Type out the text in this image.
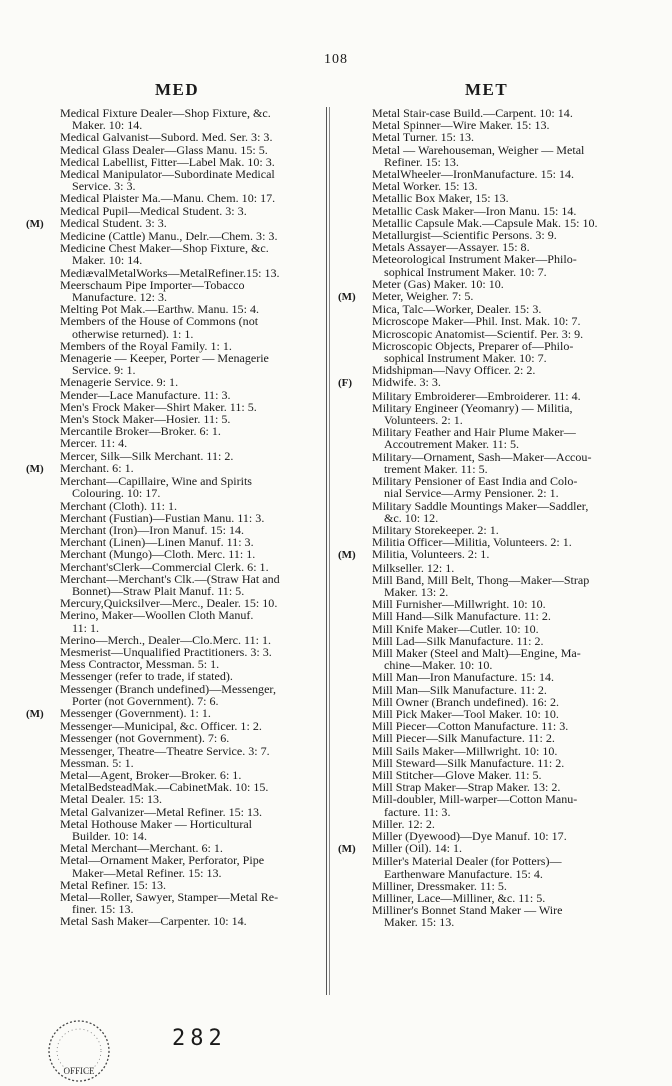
108
MED	MET
Medical Fixture Dealer—Shop Fixture, &c.
Maker. 10: 14.
Medical Galvanist—Subord. Med. Ser. 3: 3.
Medical Glass Dealer—Glass Manu. 15: 5.
Medical Labellist, Fitter—Label Mak. 10: 3.
Medical Manipulator—Subordinate Medical
Service. 3: 3.
Medical Plaister Ma.—Manu. Chem. 10: 17.
Medical Pupil—Medical Student. 3: 3.
(M) Medical Student. 3: 3.
Medicine (Cattle) Manu., Delr.—Chem. 3: 3.
Medicine Chest Maker—Shop Fixture, &c.
Maker. 10: 14.
MediævalMetalWorks—MetalRefiner.15: 13.
Meerschaum Pipe Importer—Tobacco
Manufacture. 12: 3.
Melting Pot Mak.—Earthw. Manu. 15: 4.
Members of the House of Commons (not
otherwise returned). 1: 1.
Members of the Royal Family. 1: 1.
Menagerie — Keeper, Porter — Menagerie
Service. 9: 1.
Menagerie Service. 9: 1.
Mender—Lace Manufacture. 11: 3.
Men's Frock Maker—Shirt Maker. 11: 5.
Men's Stock Maker—Hosier. 11: 5.
Mercantile Broker—Broker. 6: 1.
Mercer. 11: 4.
Mercer, Silk—Silk Merchant. 11: 2.
(M) Merchant. 6: 1.
Merchant—Capillaire, Wine and Spirits
Colouring. 10: 17.
Merchant (Cloth). 11: 1.
Merchant (Fustian)—Fustian Manu. 11: 3.
Merchant (Iron)—Iron Manuf. 15: 14.
Merchant (Linen)—Linen Manuf. 11: 3.
Merchant (Mungo)—Cloth. Merc. 11: 1.
Merchant'sClerk—Commercial Clerk. 6: 1.
Merchant—Merchant's Clk.—(Straw Hat and
Bonnet)—Straw Plait Manuf. 11: 5.
Mercury,Quicksilver—Merc., Dealer. 15: 10.
Merino, Maker—Woollen Cloth Manuf.
11: 1.
Merino—Merch., Dealer—Clo.Merc. 11: 1.
Mesmerist—Unqualified Practitioners. 3: 3.
Mess Contractor, Messman. 5: 1.
Messenger (refer to trade, if stated).
Messenger (Branch undefined)—Messenger,
Porter (not Government). 7: 6.
(M) Messenger (Government). 1: 1.
Messenger—Municipal, &c. Officer. 1: 2.
Messenger (not Government). 7: 6.
Messenger, Theatre—Theatre Service. 3: 7.
Messman. 5: 1.
Metal—Agent, Broker—Broker. 6: 1.
MetalBedsteadMak.—CabinetMak. 10: 15.
Metal Dealer. 15: 13.
Metal Galvanizer—Metal Refiner. 15: 13.
Metal Hothouse Maker — Horticultural
Builder. 10: 14.
Metal Merchant—Merchant. 6: 1.
Metal—Ornament Maker, Perforator, Pipe
Maker—Metal Refiner. 15: 13.
Metal Refiner. 15: 13.
Metal—Roller, Sawyer, Stamper—Metal Re-
finer. 15: 13.
Metal Sash Maker—Carpenter. 10: 14.
Metal Stair-case Build.—Carpent. 10: 14.
Metal Spinner—Wire Maker. 15: 13.
Metal Turner. 15: 13.
Metal — Warehouseman, Weigher — Metal
Refiner. 15: 13.
MetalWheeler—IronManufacture. 15: 14.
Metal Worker. 15: 13.
Metallic Box Maker, 15: 13.
Metallic Cask Maker—Iron Manu. 15: 14.
Metallic Capsule Mak.—Capsule Mak. 15: 10.
Metallurgist—Scientific Persons. 3: 9.
Metals Assayer—Assayer. 15: 8.
Meteorological Instrument Maker—Philo-
sophical Instrument Maker. 10: 7.
Meter (Gas) Maker. 10: 10.
(M) Meter, Weigher. 7: 5.
Mica, Talc—Worker, Dealer. 15: 3.
Microscope Maker—Phil. Inst. Mak. 10: 7.
Microscopic Anatomist—Scientif. Per. 3: 9.
Microscopic Objects, Preparer of—Philo-
sophical Instrument Maker. 10: 7.
Midshipman—Navy Officer. 2: 2.
(F) Midwife. 3: 3.
Military Embroiderer—Embroiderer. 11: 4.
Military Engineer (Yeomanry) — Militia,
Volunteers. 2: 1.
Military Feather and Hair Plume Maker—
Accoutrement Maker. 11: 5.
Military—Ornament, Sash—Maker—Accou-
trement Maker. 11: 5.
Military Pensioner of East India and Colo-
nial Service—Army Pensioner. 2: 1.
Military Saddle Mountings Maker—Saddler,
&c. 10: 12.
Military Storekeeper. 2: 1.
Militia Officer—Militia, Volunteers. 2: 1.
(M) Militia, Volunteers. 2: 1.
Milkseller. 12: 1.
Mill Band, Mill Belt, Thong—Maker—Strap
Maker. 13: 2.
Mill Furnisher—Millwright. 10: 10.
Mill Hand—Silk Manufacture. 11: 2.
Mill Knife Maker—Cutler. 10: 10.
Mill Lad—Silk Manufacture. 11: 2.
Mill Maker (Steel and Malt)—Engine, Ma-
chine—Maker. 10: 10.
Mill Man—Iron Manufacture. 15: 14.
Mill Man—Silk Manufacture. 11: 2.
Mill Owner (Branch undefined). 16: 2.
Mill Pick Maker—Tool Maker. 10: 10.
Mill Piecer—Cotton Manufacture. 11: 3.
Mill Piecer—Silk Manufacture. 11: 2.
Mill Sails Maker—Millwright. 10: 10.
Mill Steward—Silk Manufacture. 11: 2.
Mill Stitcher—Glove Maker. 11: 5.
Mill Strap Maker—Strap Maker. 13: 2.
Mill-doubler, Mill-warper—Cotton Manu-
facture. 11: 3.
Miller. 12: 2.
Miller (Dyewood)—Dye Manuf. 10: 17.
(M) Miller (Oil). 14: 1.
Miller's Material Dealer (for Potters)—
Earthenware Manufacture. 15: 4.
Milliner, Dressmaker. 11: 5.
Milliner, Lace—Milliner, &c. 11: 5.
Milliner's Bonnet Stand Maker — Wire
Maker. 15: 13.
OFFICE
282
